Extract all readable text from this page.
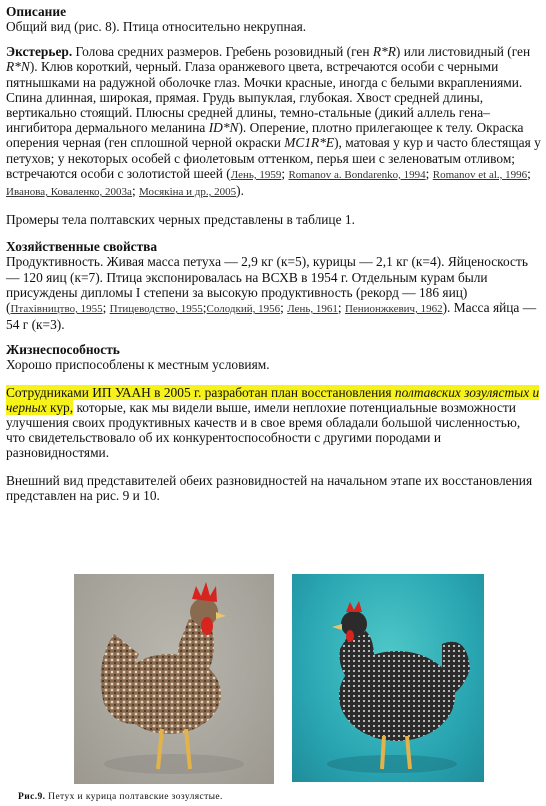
Описание
Общий вид (рис. 8). Птица относительно некрупная.
Экстерьер. Голова средних размеров. Гребень розовидный (ген R*R) или листовидный (ген R*N). Клюв короткий, черный. Глаза оранжевого цвета, встречаются особи с черными пятнышками на радужной оболочке глаз. Мочки красные, иногда с белыми вкраплениями. Спина длинная, широкая, прямая. Грудь выпуклая, глубокая. Хвост средней длины, вертикально стоящий. Плюсны средней длины, темно-стальные (дикий аллель гена–ингибитора дермального меланина ID*N). Оперение, плотно прилегающее к телу. Окраска оперения черная (ген сплошной черной окраски MC1R*E), матовая у кур и часто блестящая у петухов; у некоторых особей с фиолетовым оттенком, перья шеи с зеленоватым отливом; встречаются особи с золотистой шеей (Лень, 1959; Romanov a. Bondarenko, 1994; Romanov et al., 1996; Иванова, Коваленко, 2003а; Мосякіна и др., 2005).
Промеры тела полтавских черных представлены в таблице 1.
Хозяйственные свойства
Продуктивность. Живая масса петуха — 2,9 кг (к=5), курицы — 2,1 кг (к=4). Яйценоскость — 120 яиц (к=7). Птица экспонировалась на ВСХВ в 1954 г. Отдельным курам были присуждены дипломы I степени за высокую продуктивность (рекорд — 186 яиц) (Птахівництво, 1955; Птицеводство, 1955;Солодкий, 1956; Лень, 1961; Пенионжкевич, 1962). Масса яйца — 54 г (к=3).
Жизнеспособность
Хорошо приспособлены к местным условиям.
Сотрудниками ИП УААН в 2005 г. разработан план восстановления полтавских зозулястых и черных кур, которые, как мы видели выше, имели неплохие потенциальные возможности улучшения своих продуктивных качеств и в свое время обладали большой численностью, что свидетельствовало об их конкурентоспособности с другими породами и разновидностями.
Внешний вид представителей обеих разновидностей на начальном этапе их восстановления представлен на рис. 9 и 10.
Рис.9. Петух и курица полтавские зозулястые.
